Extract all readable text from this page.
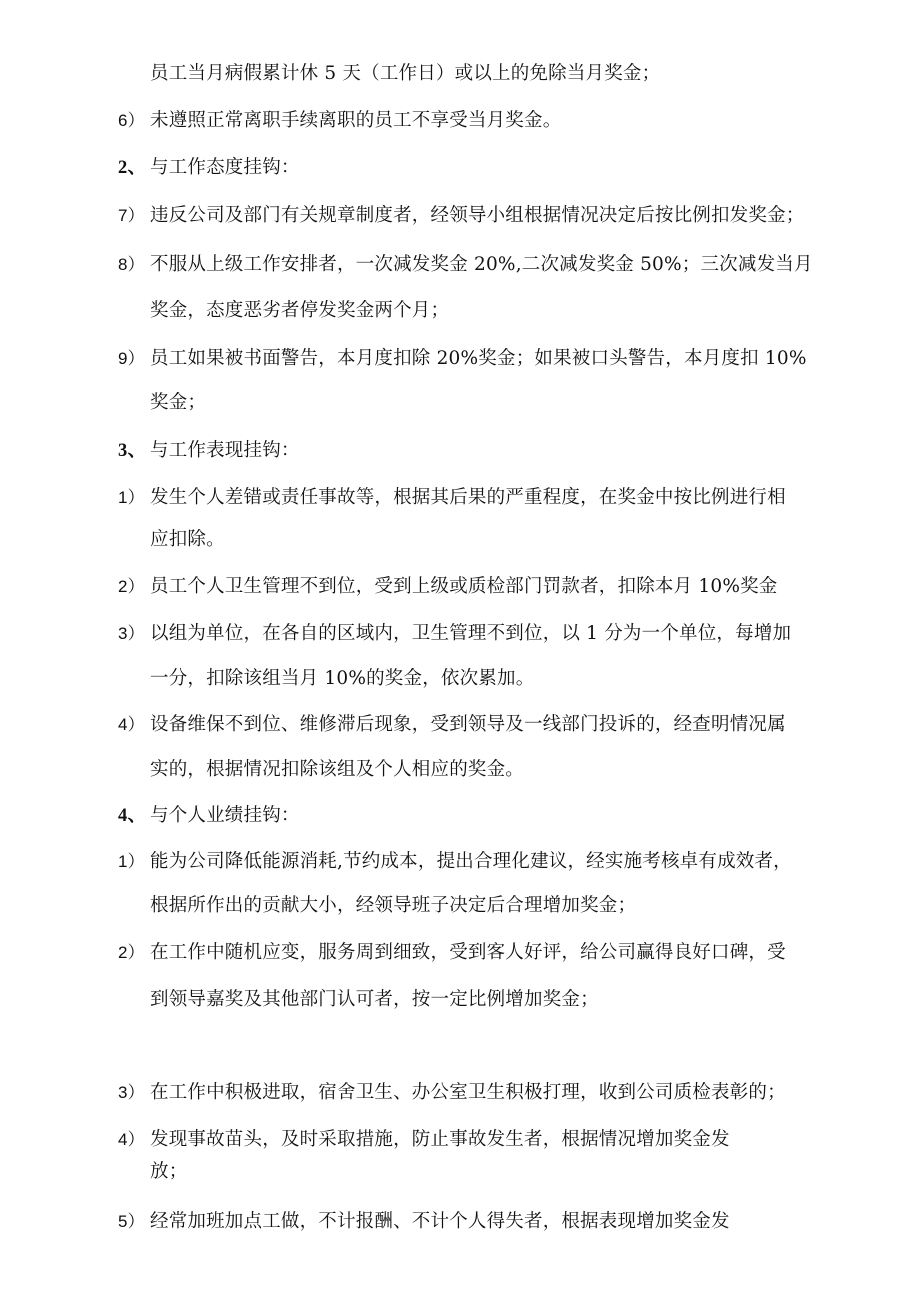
员工当月病假累计休 5 天（工作日）或以上的免除当月奖金；
6） 未遵照正常离职手续离职的员工不享受当月奖金。
2、 与工作态度挂钩：
7） 违反公司及部门有关规章制度者，经领导小组根据情况决定后按比例扣发奖金；
8） 不服从上级工作安排者，一次减发奖金 20%,二次减发奖金 50%；三次减发当月
奖金，态度恶劣者停发奖金两个月；
9） 员工如果被书面警告，本月度扣除 20%奖金；如果被口头警告，本月度扣 10%
奖金；
3、 与工作表现挂钩：
1） 发生个人差错或责任事故等，根据其后果的严重程度，在奖金中按比例进行相
应扣除。
2） 员工个人卫生管理不到位，受到上级或质检部门罚款者，扣除本月 10%奖金
3） 以组为单位，在各自的区域内，卫生管理不到位，以 1 分为一个单位，每增加
一分，扣除该组当月 10%的奖金，依次累加。
4） 设备维保不到位、维修滞后现象，受到领导及一线部门投诉的，经查明情况属
实的，根据情况扣除该组及个人相应的奖金。
4、 与个人业绩挂钩：
1） 能为公司降低能源消耗,节约成本，提出合理化建议，经实施考核卓有成效者，
根据所作出的贡献大小，经领导班子决定后合理增加奖金；
2） 在工作中随机应变，服务周到细致，受到客人好评，给公司赢得良好口碑，受
到领导嘉奖及其他部门认可者，按一定比例增加奖金；
3） 在工作中积极进取，宿舍卫生、办公室卫生积极打理，收到公司质检表彰的；
4） 发现事故苗头，及时采取措施，防止事故发生者，根据情况增加奖金发
放；
5） 经常加班加点工做，不计报酬、不计个人得失者，根据表现增加奖金发
